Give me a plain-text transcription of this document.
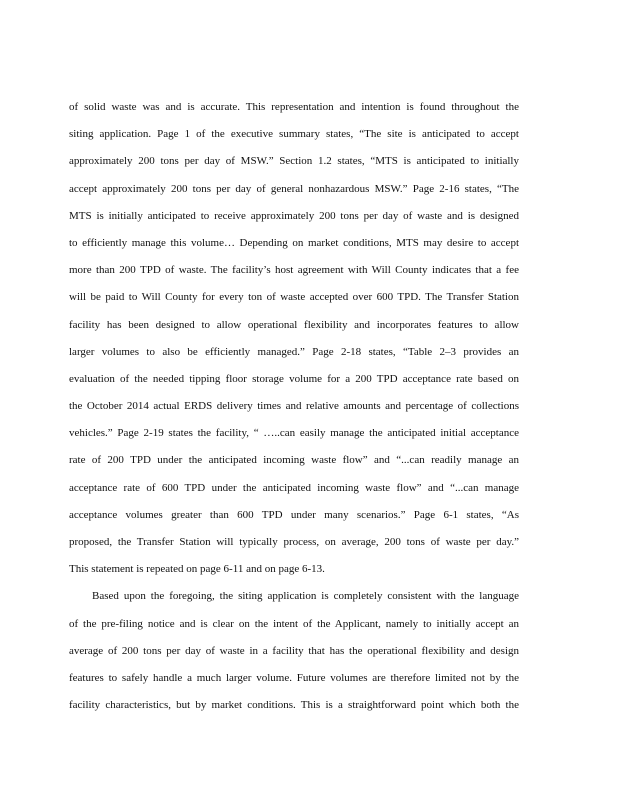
of solid waste was and is accurate. This representation and intention is found throughout the
siting application. Page 1 of the executive summary states, “The site is anticipated to accept
approximately 200 tons per day of MSW.” Section 1.2 states, “MTS is anticipated to initially
accept approximately 200 tons per day of general nonhazardous MSW.” Page 2-16 states, “The
MTS is initially anticipated to receive approximately 200 tons per day of waste and is designed
to efficiently manage this volume… Depending on market conditions, MTS may desire to accept
more than 200 TPD of waste. The facility’s host agreement with Will County indicates that a fee
will be paid to Will County for every ton of waste accepted over 600 TPD. The Transfer Station
facility has been designed to allow operational flexibility and incorporates features to allow
larger volumes to also be efficiently managed.” Page 2-18 states, “Table 2–3 provides an
evaluation of the needed tipping floor storage volume for a 200 TPD acceptance rate based on
the October 2014 actual ERDS delivery times and relative amounts and percentage of collections
vehicles.” Page 2-19 states the facility, “ …..can easily manage the anticipated initial acceptance
rate of 200 TPD under the anticipated incoming waste flow” and “...can readily manage an
acceptance rate of 600 TPD under the anticipated incoming waste flow” and “...can manage
acceptance volumes greater than 600 TPD under many scenarios.” Page 6-1 states, “As
proposed, the Transfer Station will typically process, on average, 200 tons of waste per day.”
This statement is repeated on page 6-11 and on page 6-13.
Based upon the foregoing, the siting application is completely consistent with the language
of the pre-filing notice and is clear on the intent of the Applicant, namely to initially accept an
average of 200 tons per day of waste in a facility that has the operational flexibility and design
features to safely handle a much larger volume. Future volumes are therefore limited not by the
facility characteristics, but by market conditions. This is a straightforward point which both the
